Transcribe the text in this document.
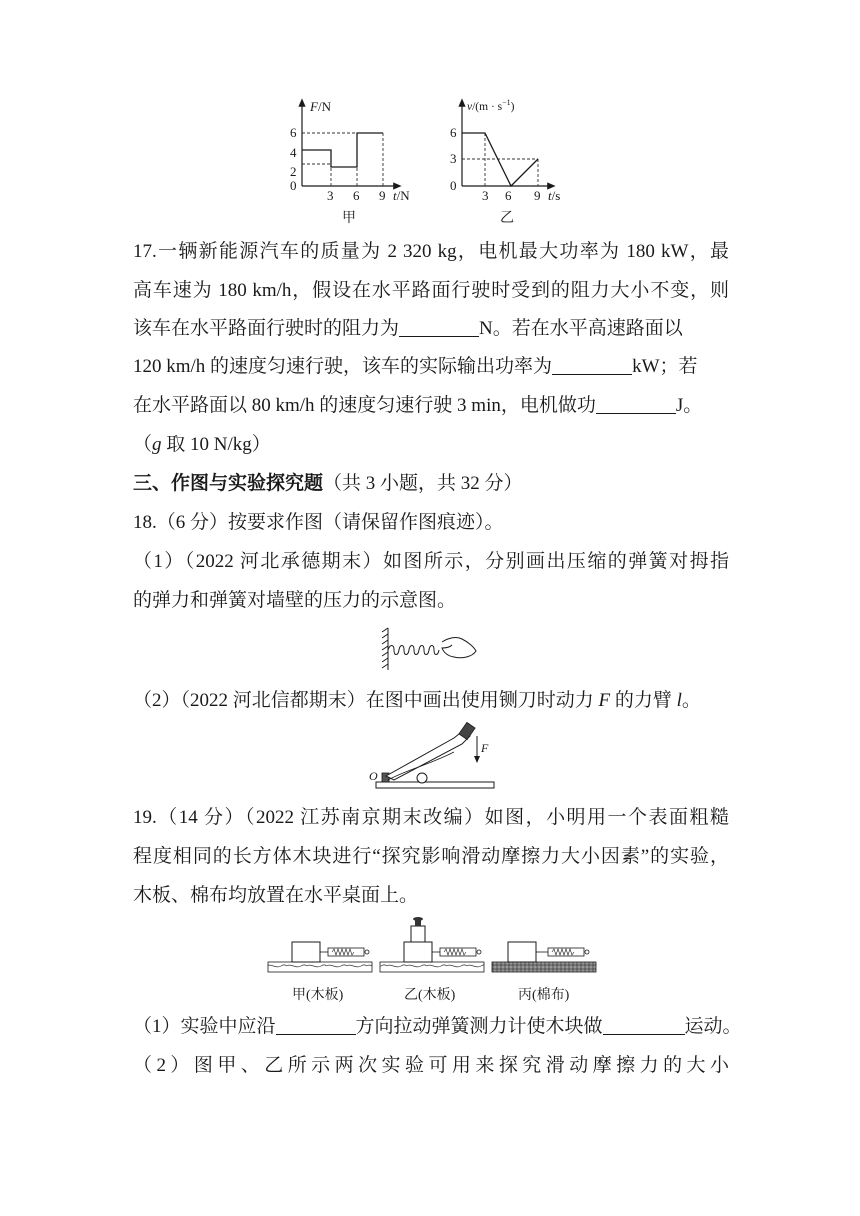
F/N
t/N
6
4
2
0
3 6 9
甲
$v/(m \cdot s^{-1})$
t/s
6
3
0
3 6 9
乙
17.一辆新能源汽车的质量为 2 320 kg，电机最大功率为 180 kW，最
高车速为 180 km/h，假设在水平路面行驶时受到的阻力大小不变，则
该车在水平路面行驶时的阻力为	N。若在水平高速路面以
120 km/h 的速度匀速行驶，该车的实际输出功率为	kW；若
在水平路面以 80 km/h 的速度匀速行驶 3 min，电机做功	J。
（g 取 10 N/kg）
三、作图与实验探究题（共 3 小题，共 32 分）
18.（6 分）按要求作图（请保留作图痕迹）。
（1）（2022 河北承德期末）如图所示，分别画出压缩的弹簧对拇指
的弹力和弹簧对墙壁的压力的示意图。
（2）（2022 河北信都期末）在图中画出使用铡刀时动力 F 的力臂 l。
O
F
19.（14 分）（2022 江苏南京期末改编）如图，小明用一个表面粗糙
程度相同的长方体木块进行“探究影响滑动摩擦力大小因素”的实验，
木板、棉布均放置在水平桌面上。
甲(木板)	乙(木板)	丙(棉布)
（1）实验中应沿	方向拉动弹簧测力计使木块做	运动。
（2）图甲、乙所示两次实验可用来探究滑动摩擦力的大小
